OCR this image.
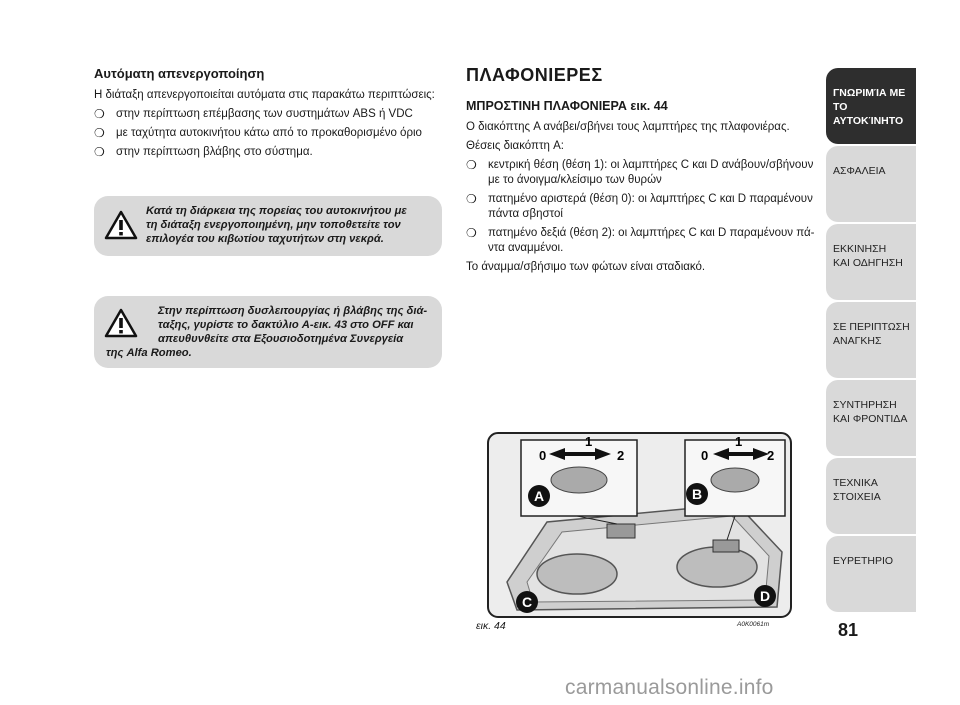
Αυτόματη απενεργοποίηση

Η διάταξη απενεργοποιείται αυτόματα στις παρακάτω περιπτώσεις:

❍ στην περίπτωση επέμβασης των συστημάτων ABS ή VDC
❍ με ταχύτητα αυτοκινήτου κάτω από το προκαθορισμένο όριο
❍ στην περίπτωση βλάβης στο σύστημα.
Κατά τη διάρκεια της πορείας του αυτοκινήτου με
τη διάταξη ενεργοποιημένη, μην τοποθετείτε τον
επιλογέα του κιβωτίου ταχυτήτων στη νεκρά.
Στην περίπτωση δυσλειτουργίας ή βλάβης της διά-
ταξης, γυρίστε το δακτύλιο A-εικ. 43 στο OFF και
απευθυνθείτε στα Εξουσιοδοτημένα Συνεργεία
της Alfa Romeo.
ΠΛΑΦΟΝΙΕΡΕΣ
ΜΠΡΟΣΤΙΝΗ ΠΛΑΦΟΝΙΕΡΑ εικ. 44

Ο διακόπτης A ανάβει/σβήνει τους λαμπτήρες της πλαφονιέρας.

Θέσεις διακόπτη A:

❍ κεντρική θέση (θέση 1): οι λαμπτήρες C και D ανάβουν/σβήνουν
με το άνοιγμα/κλείσιμο των θυρών
❍ πατημένο αριστερά (θέση 0): οι λαμπτήρες C και D παραμένουν
πάντα σβηστοί
❍ πατημένο δεξιά (θέση 2): οι λαμπτήρες C και D παραμένουν πά-
ντα αναμμένοι.

Το άναμμα/σβήσιμο των φώτων είναι σταδιακό.

0
1
2	0
1
2
A	B
C	D
εικ. 44	A0K0061m
ΓΝΩΡΙΜΊΑ ΜΕ ΤΟ
ΑΥΤΟΚΊΝΗΤΟ
ΑΣΦΑΛΕΙΑ
ΕΚΚΙΝΗΣΗ
ΚΑΙ ΟΔΗΓΗΣΗ
ΣΕ ΠΕΡΙΠΤΩΣΗ
ΑΝΑΓΚΗΣ
ΣΥΝΤΗΡΗΣΗ
ΚΑΙ ΦΡΟΝΤΙΔΑ
ΤΕΧΝΙΚΑ
ΣΤΟΙΧΕΙΑ
ΕΥΡΕΤΗΡΙΟ
81
carmanualsonline.info
